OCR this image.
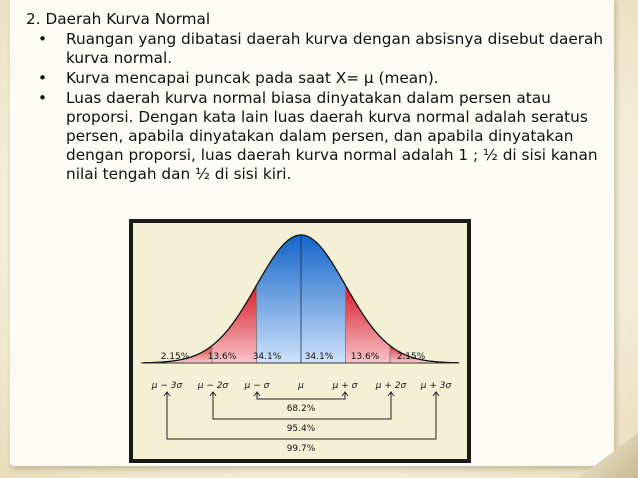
2. Daerah Kurva Normal
• Ruangan yang dibatasi daerah kurva dengan absisnya disebut daerah kurva normal.
• Kurva mencapai puncak pada saat X= μ (mean).
• Luas daerah kurva normal biasa dinyatakan dalam persen atau proporsi. Dengan kata lain luas daerah kurva normal adalah seratus persen, apabila dinyatakan dalam persen, dan apabila dinyatakan dengan proporsi, luas daerah kurva normal adalah 1 ; ½ di sisi kanan nilai tengah dan ½ di sisi kiri.
2.15% 13.6% 34.1%	34.1% 13.6% 2.15%
μ − 3σ μ − 2σ μ − σ	μ	μ + σ μ + 2σ μ + 3σ
68.2%
95.4%
99.7%
